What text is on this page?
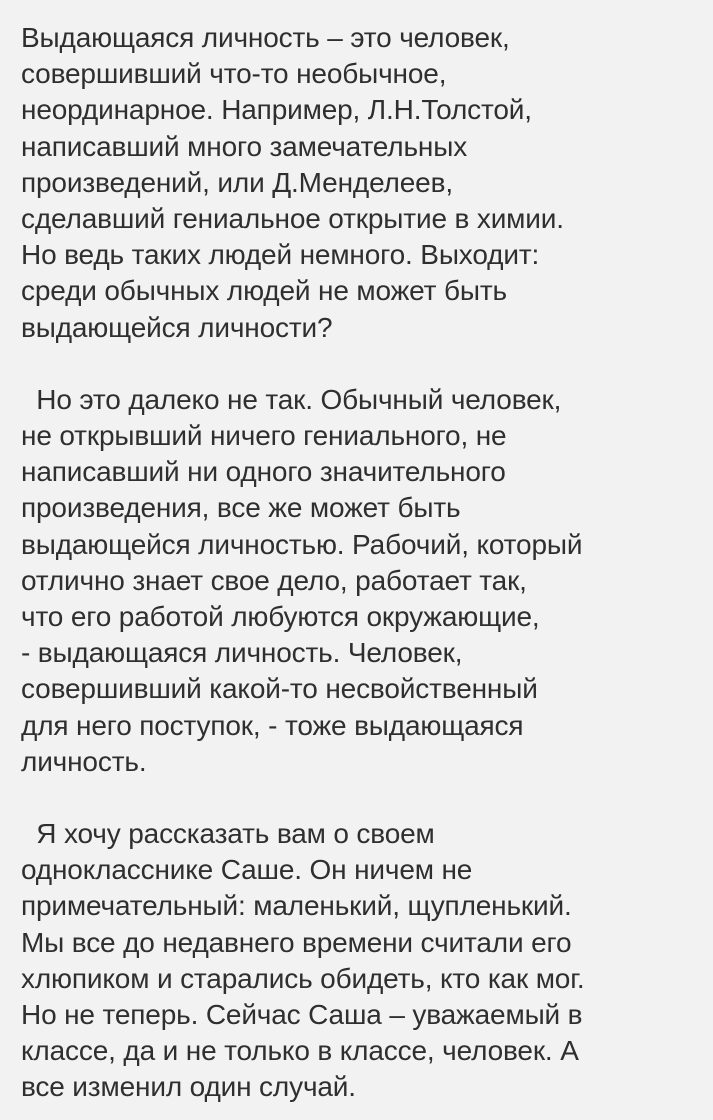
Выдающаяся личность – это человек,
совершивший что-то необычное,
неординарное. Например, Л.Н.Толстой,
написавший много замечательных
произведений, или Д.Менделеев,
сделавший гениальное открытие в химии.
Но ведь таких людей немного. Выходит:
среди обычных людей не может быть
выдающейся личности?
Но это далеко не так. Обычный человек,
не открывший ничего гениального, не
написавший ни одного значительного
произведения, все же может быть
выдающейся личностью. Рабочий, который
отлично знает свое дело, работает так,
что его работой любуются окружающие,
- выдающаяся личность. Человек,
совершивший какой-то несвойственный
для него поступок, - тоже выдающаяся
личность.
Я хочу рассказать вам о своем
однокласснике Саше. Он ничем не
примечательный: маленький, щупленький.
Мы все до недавнего времени считали его
хлюпиком и старались обидеть, кто как мог.
Но не теперь. Сейчас Саша – уважаемый в
классе, да и не только в классе, человек. А
все изменил один случай.
